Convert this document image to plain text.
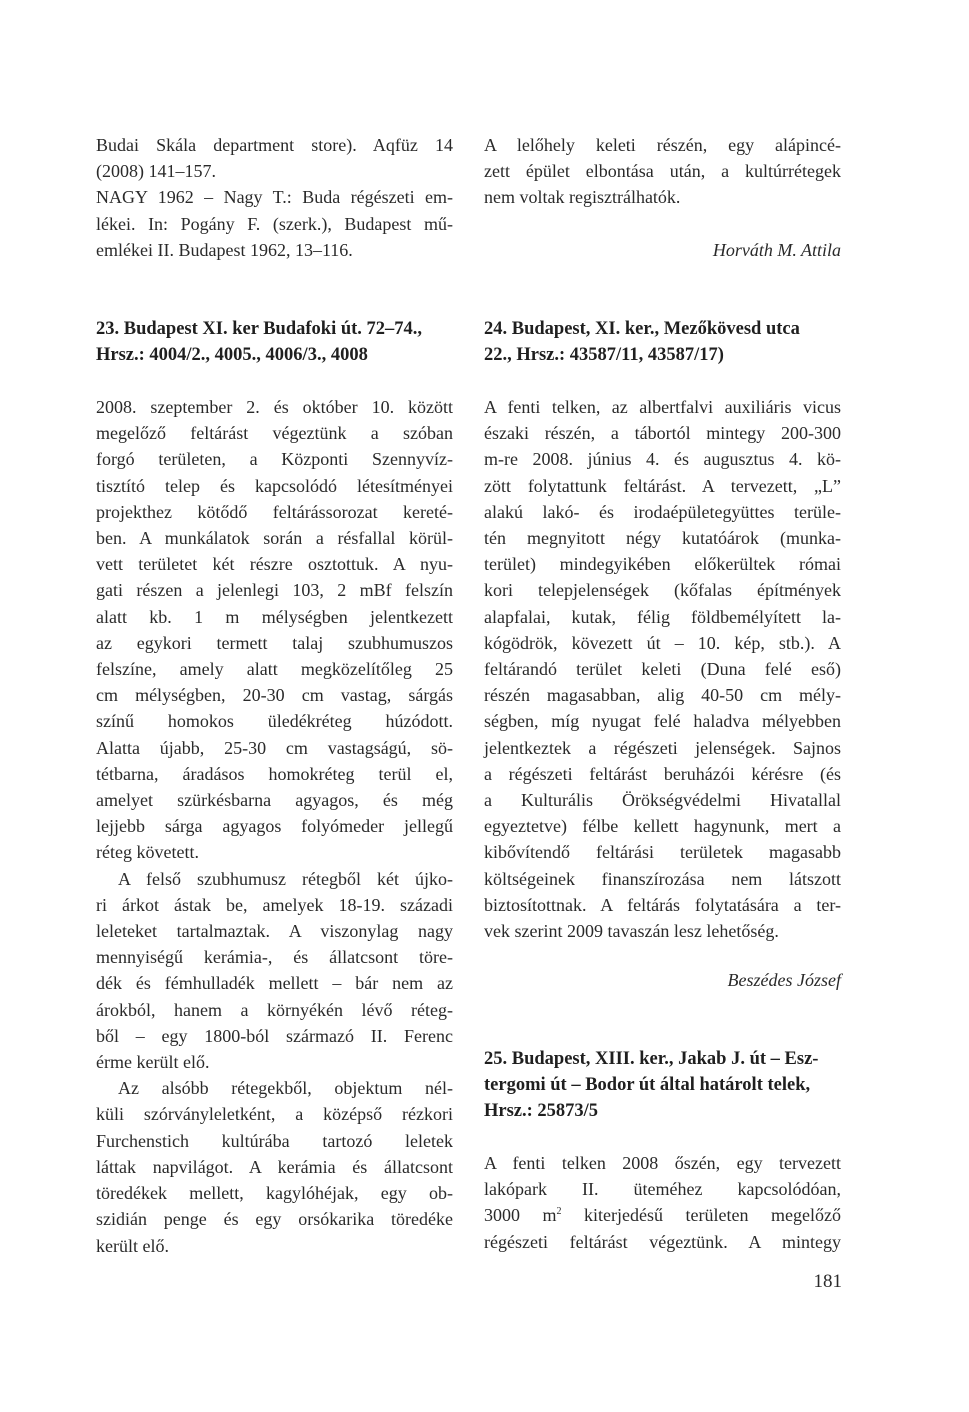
Budai Skála department store). Aqfüz 14
(2008) 141–157.
NAGY 1962 – Nagy T.: Buda régészeti em-
lékei. In: Pogány F. (szerk.), Budapest mű-
emlékei II. Budapest 1962, 13–116.
23. Budapest XI. ker Budafoki út. 72–74.,
Hrsz.: 4004/2., 4005., 4006/3., 4008
2008. szeptember 2. és október 10. között
megelőző feltárást végeztünk a szóban
forgó területen, a Központi Szennyvíz-
tisztító telep és kapcsolódó létesítményei
projekthez kötődő feltárássorozat kereté-
ben. A munkálatok során a résfallal körül-
vett területet két részre osztottuk. A nyu-
gati részen a jelenlegi 103, 2 mBf felszín
alatt kb. 1 m mélységben jelentkezett
az egykori termett talaj szubhumuszos
felszíne, amely alatt megközelítőleg 25
cm mélységben, 20-30 cm vastag, sárgás
színű homokos üledékréteg húzódott.
Alatta újabb, 25-30 cm vastagságú, sö-
tétbarna, áradásos homokréteg terül el,
amelyet szürkésbarna agyagos, és még
lejjebb sárga agyagos folyómeder jellegű
réteg követett.
A felső szubhumusz rétegből két újko-
ri árkot ástak be, amelyek 18-19. századi
leleteket tartalmaztak. A viszonylag nagy
mennyiségű kerámia-, és állatcsont töre-
dék és fémhulladék mellett – bár nem az
árokból, hanem a környékén lévő réteg-
ből – egy 1800-ból származó II. Ferenc
érme került elő.
Az alsóbb rétegekből, objektum nél-
küli szórványleletként, a középső rézkori
Furchenstich kultúrába tartozó leletek
láttak napvilágot. A kerámia és állatcsont
töredékek mellett, kagylóhéjak, egy ob-
szidián penge és egy orsókarika töredéke
került elő.
A lelőhely keleti részén, egy alápincé-
zett épület elbontása után, a kultúrrétegek
nem voltak regisztrálhatók.
Horváth M. Attila
24. Budapest, XI. ker., Mezőkövesd utca
22., Hrsz.: 43587/11, 43587/17)
A fenti telken, az albertfalvi auxiliáris vicus
északi részén, a tábortól mintegy 200-300
m-re 2008. június 4. és augusztus 4. kö-
zött folytattunk feltárást. A tervezett, „L”
alakú lakó- és irodaépületegyüttes terüle-
tén megnyitott négy kutatóárok (munka-
terület) mindegyikében előkerültek római
kori telepjelenségek (kőfalas építmények
alapfalai, kutak, félig földbemélyített la-
kógödrök, kövezett út – 10. kép, stb.). A
feltárandó terület keleti (Duna felé eső)
részén magasabban, alig 40-50 cm mély-
ségben, míg nyugat felé haladva mélyebben
jelentkeztek a régészeti jelenségek. Sajnos
a régészeti feltárást beruházói kérésre (és
a Kulturális Örökségvédelmi Hivatallal
egyeztetve) félbe kellett hagynunk, mert a
kibővítendő feltárási területek magasabb
költségeinek finanszírozása nem látszott
biztosítottnak. A feltárás folytatására a ter-
vek szerint 2009 tavaszán lesz lehetőség.
Beszédes József
25. Budapest, XIII. ker., Jakab J. út – Esz-
tergomi út – Bodor út által határolt telek,
Hrsz.: 25873/5
A fenti telken 2008 őszén, egy tervezett
lakópark II. üteméhez kapcsolódóan,
3000 $m^2$ kiterjedésű területen megelőző
régészeti feltárást végeztünk. A mintegy
181
